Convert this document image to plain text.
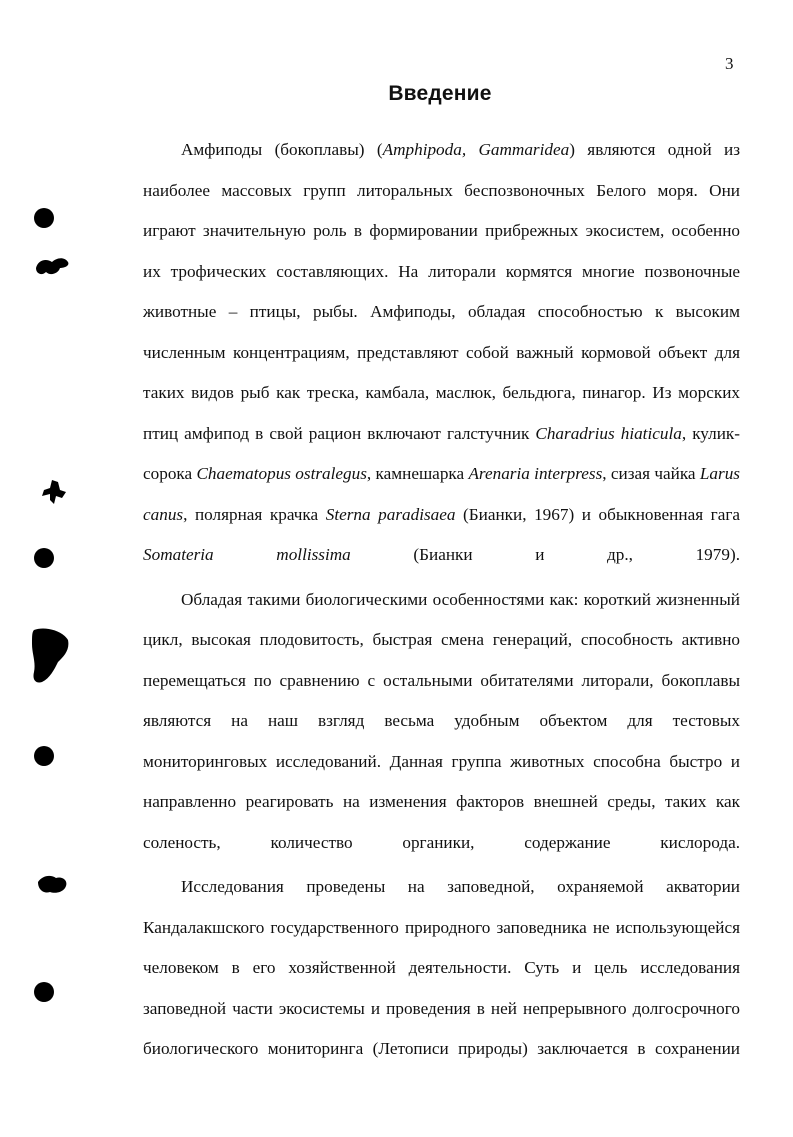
3
Введение

Амфиподы (бокоплавы) (Amphipoda, Gammaridea) являются одной из наиболее массовых групп литоральных беспозвоночных Белого моря. Они играют значительную роль в формировании прибрежных экосистем, особенно их трофических составляющих. На литорали кормятся многие позвоночные животные – птицы, рыбы. Амфиподы, обладая способностью к высоким численным концентрациям, представляют собой важный кормовой объект для таких видов рыб как треска, камбала, маслюк, бельдюга, пинагор. Из морских птиц амфипод в свой рацион включают галстучник Charadrius hiaticula, кулик-сорока Chaematopus ostralegus, камнешарка Arenaria interpress, сизая чайка Larus canus, полярная крачка Sterna paradisaea (Бианки, 1967) и обыкновенная гага Somateria mollissima (Бианки и др., 1979).

Обладая такими биологическими особенностями как: короткий жизненный цикл, высокая плодовитость, быстрая смена генераций, способность активно перемещаться по сравнению с остальными обитателями литорали, бокоплавы являются на наш взгляд весьма удобным объектом для тестовых мониторинговых исследований. Данная группа животных способна быстро и направленно реагировать на изменения факторов внешней среды, таких как соленость, количество органики, содержание кислорода.

Исследования проведены на заповедной, охраняемой акватории Кандалакшского государственного природного заповедника не использующейся человеком в его хозяйственной деятельности. Суть и цель исследования заповедной части экосистемы и проведения в ней непрерывного долгосрочного биологического мониторинга (Летописи природы) заключается в сохранении
